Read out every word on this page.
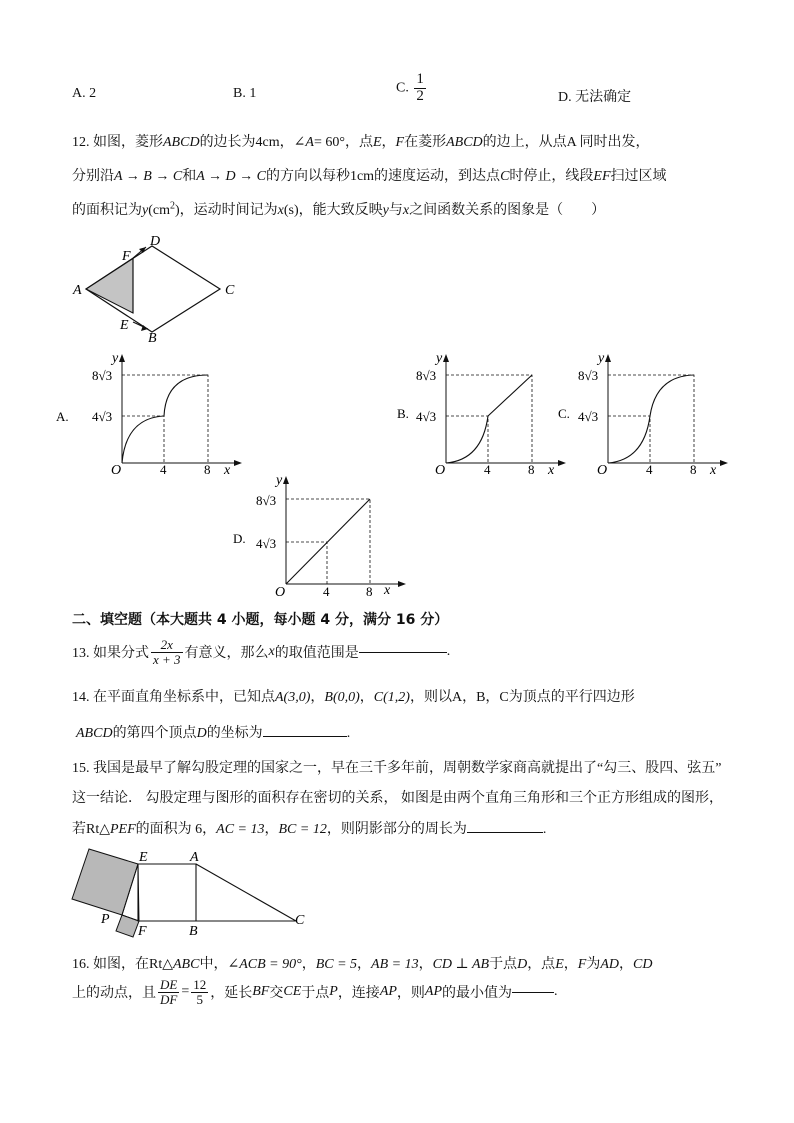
A. 2	B. 1	C. $\frac{1}{2}$	D. 无法确定
12. 如图，菱形ABCD的边长为4cm，∠A= 60°，点E，F在菱形ABCD的边上，从点A 同时出发，
分别沿A → B → C和A → D → C的方向以每秒1cm的速度运动，到达点C时停止，线段EF扫过区域
的面积记为$y(cm^2)$，运动时间记为x(s)，能大致反映y与x之间函数关系的图象是（　　）
A
D
C
B
F
E
A.
y
8√3
4√3
O	4	8 x
B.
y
8√3
4√3
O	4	8 x
C.
y
8√3
4√3
O	4	8 x
D.
y
8√3
4√3
O	4	8 x
二、填空题（本大题共 4 小题，每小题 4 分，满分 16 分）
13. 如果分式 $\frac{2x}{x + 3}$ 有意义，那么x的取值范围是	.
14. 在平面直角坐标系中，已知点A(3,0)，B(0,0)，C(1,2)，则以A，B，C为顶点的平行四边形
ABCD的第四个顶点D的坐标为	.
15. 我国是最早了解勾股定理的国家之一，早在三千多年前，周朝数学家商高就提出了“勾三、股四、弦五”
这一结论． 勾股定理与图形的面积存在密切的关系， 如图是由两个直角三角形和三个正方形组成的图形，
若Rt△PEF的面积为 6，AC = 13，BC = 12，则阴影部分的周长为	.
E	A
P
F	B
C
16. 如图，在Rt△ABC中，∠ACB = 90°，BC = 5，AB = 13，CD ⊥ AB于点D，点E，F为AD，CD
上的动点，且 $\frac{DE}{DF} = \frac{12}{5}$ ，延长BF交CE于点P，连接AP，则AP的最小值为	.
